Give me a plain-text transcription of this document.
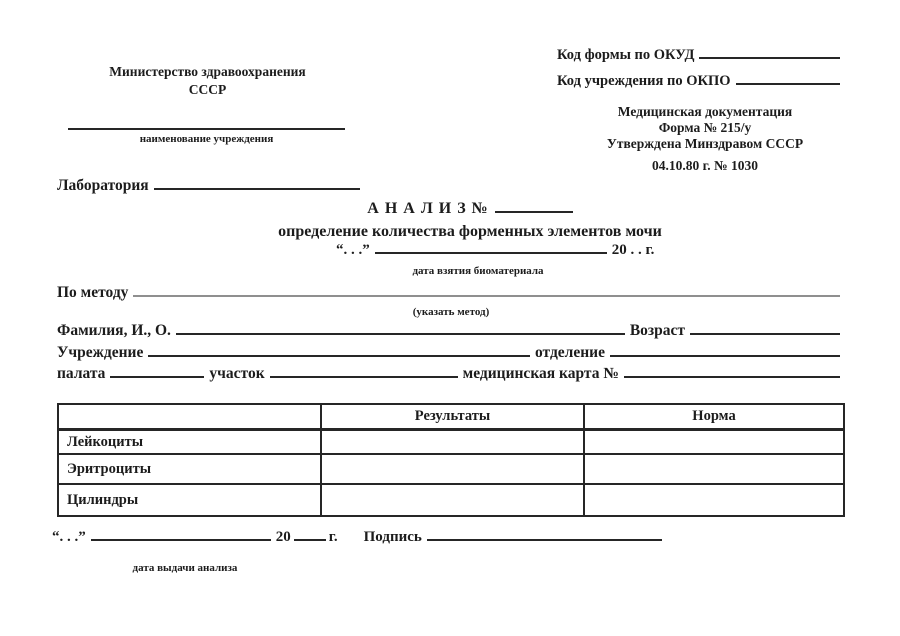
Министерство здравоохранения
СССР
наименование учреждения
Код формы по ОКУД
Код учреждения по ОКПО
Медицинская документация
Форма № 215/у
Утверждена Минздравом СССР
04.10.80 г. № 1030
Лаборатория
А Н А Л И З №
определение количества форменных элементов мочи
“. . .”	20 . . г.
дата взятия биоматериала
По методу
(указать метод)
Фамилия, И., О.	Возраст
Учреждение	отделение
палата	участок	медицинская карта №
	Результаты	Норма
Лейкоциты		
Эритроциты		
Цилиндры		
“. . .”	20	г. Подпись
дата выдачи анализа
